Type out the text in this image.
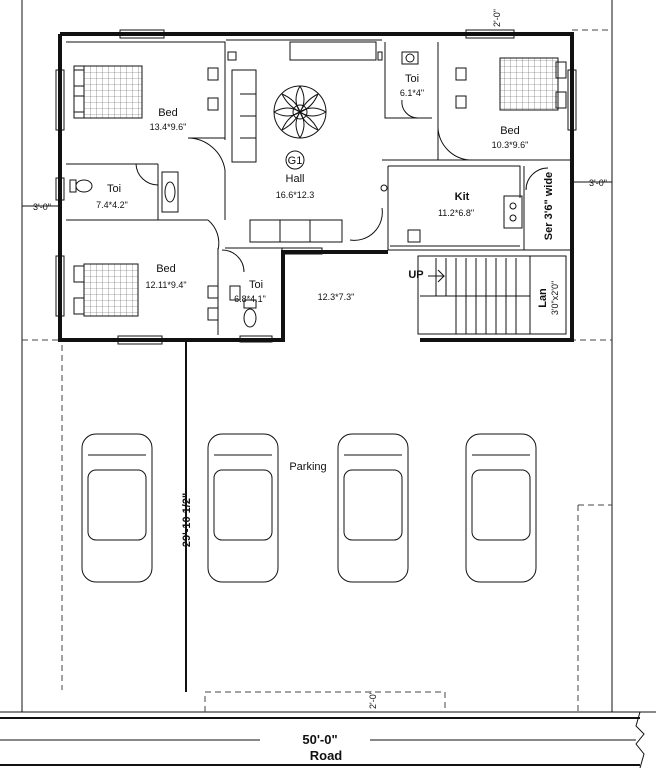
Road
50'-0"
29'-10 1/2"
Bed
13.4*9.6"	Bed
10.3*9.6"
Bed
12.11*9.4"
Toi
6.1*4"
Toi
7.4*4.2"
Toi
6.8*4.1"
G1
Hall
16.6*12.3	Kit
11.2*6.8"
12.3*7.3"
UP
Ser 3'6" wide
Lan 3'0"x2'0"
Parking
2'-0"
3'-0"
3'-0"
2'-0"
